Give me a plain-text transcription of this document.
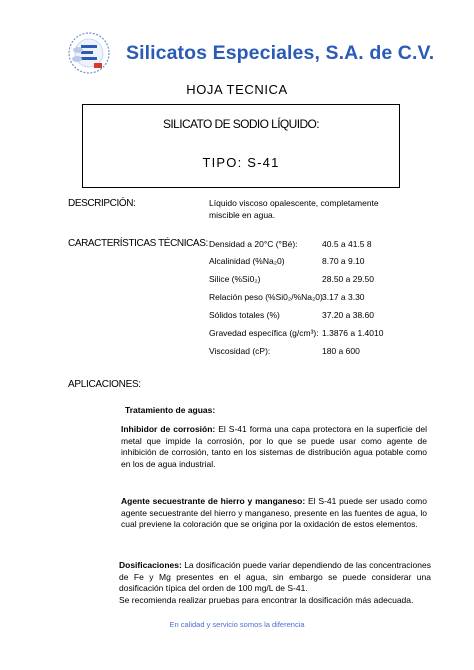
Silicatos Especiales, S.A. de C.V.
HOJA TECNICA
SILICATO DE SODIO LÍQUIDO:
TIPO: S-41
DESCRIPCIÓN:	Líquido viscoso opalescente, completamente miscible en agua.
CARACTERÍSTICAS TÉCNICAS: Densidad a 20°C (°Bé):	40.5 a 41.5 8
Alcalinidad (%Na₂0)	8.70 a 9.10
Silice (%Si0₂)	28.50 a 29.50
Relación peso (%Si0₂/%Na₂0) 3.17 a 3.30
Sólidos totales (%)	37.20 a 38.60
Gravedad específica (g/cm³): 1.3876 a 1.4010
Viscosidad (cP):	180 a 600
APLICACIONES:
Tratamiento de aguas:
Inhibidor de corrosión: El S-41 forma una capa protectora en la superficie del metal que impide la corrosión, por lo que se puede usar como agente de inhibición de corrosión, tanto en los sistemas de distribución agua potable como en los de agua industrial.
Agente secuestrante de hierro y manganeso: El S-41 puede ser usado como agente secuestrante del hierro y manganeso, presente en las fuentes de agua, lo cual previene la coloración que se origina por la oxidación de estos elementos.
Dosificaciones: La dosificación puede variar dependiendo de las concentraciones de Fe y Mg presentes en el agua, sin embargo se puede considerar una dosificación típica del orden de 100 mg/L de S-41.
Se recomienda realizar pruebas para encontrar la dosificación más adecuada.
En calidad y servicio somos la diferencia
